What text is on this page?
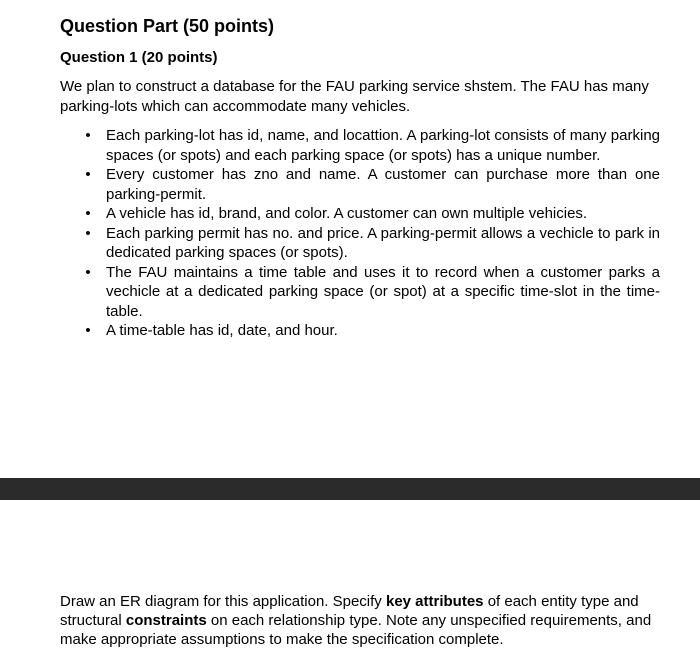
Question Part (50 points)
Question 1 (20 points)

We plan to construct a database for the FAU parking service shstem. The FAU has many parking-lots which can accommodate many vehicles.

• Each parking-lot has id, name, and locattion. A parking-lot consists of many parking spaces (or spots) and each parking space (or spots) has a unique number.
• Every customer has zno and name. A customer can purchase more than one parking-permit.
• A vehicle has id, brand, and color. A customer can own multiple vehicies.
• Each parking permit has no. and price. A parking-permit allows a vechicle to park in dedicated parking spaces (or spots).
• The FAU maintains a time table and uses it to record when a customer parks a vechicle at a dedicated parking space (or spot) at a specific time-slot in the time-table.
• A time-table has id, date, and hour.

Draw an ER diagram for this application. Specify key attributes of each entity type and structural constraints on each relationship type. Note any unspecified requirements, and make appropriate assumptions to make the specification complete.
